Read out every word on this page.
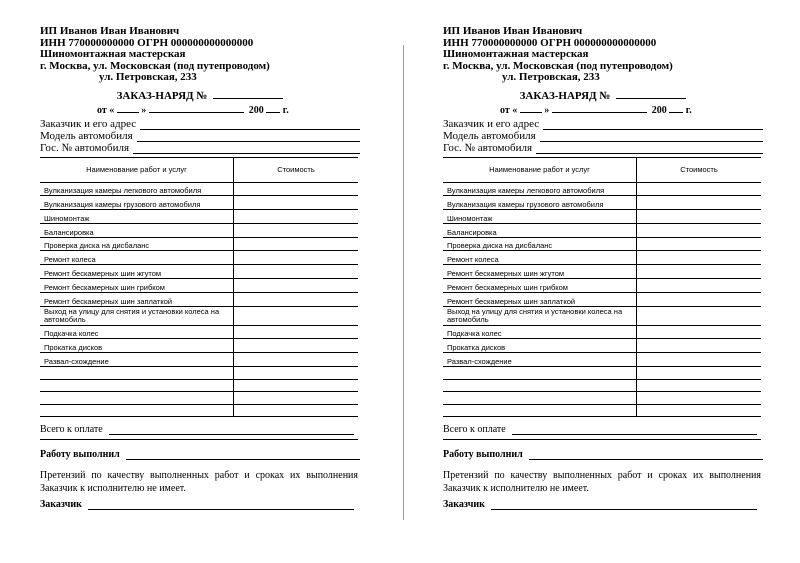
ИП Иванов Иван Иванович
ИНН 770000000000 ОГРН 000000000000000
Шиномонтажная мастерская
г. Москва, ул. Московская (под путепроводом)
ул. Петровская, 233
ЗАКАЗ-НАРЯД №
от «	»	200 г.
Заказчик и его адрес
Модель автомобиля
Гос. № автомобиля
Наименование работ и услуг	Стоимость
Вулканизация камеры легкового автомобиля	
Вулканизация камеры грузового автомобиля	
Шиномонтаж	
Балансировка	
Проверка диска на дисбаланс	
Ремонт колеса	
Ремонт бескамерных шин жгутом	
Ремонт бескамерных шин грибком	
Ремонт бескамерных шин заплаткой	
Выход на улицу для снятия и установки колеса на автомобиль	
Подкачка колес	
Прокатка дисков	
Развал-схождение	

Всего к оплате
Работу выполнил
Претензий по качеству выполненных работ и сроках их выполнения Заказчик к исполнителю не имеет.
Заказчик
ИП Иванов Иван Иванович
ИНН 770000000000 ОГРН 000000000000000
Шиномонтажная мастерская
г. Москва, ул. Московская (под путепроводом)
ул. Петровская, 233
ЗАКАЗ-НАРЯД №
от «	»	200 г.
Заказчик и его адрес
Модель автомобиля
Гос. № автомобиля
Наименование работ и услуг	Стоимость
Вулканизация камеры легкового автомобиля	
Вулканизация камеры грузового автомобиля	
Шиномонтаж	
Балансировка	
Проверка диска на дисбаланс	
Ремонт колеса	
Ремонт бескамерных шин жгутом	
Ремонт бескамерных шин грибком	
Ремонт бескамерных шин заплаткой	
Выход на улицу для снятия и установки колеса на автомобиль	
Подкачка колес	
Прокатка дисков	
Развал-схождение	

Всего к оплате
Работу выполнил
Претензий по качеству выполненных работ и сроках их выполнения Заказчик к исполнителю не имеет.
Заказчик
